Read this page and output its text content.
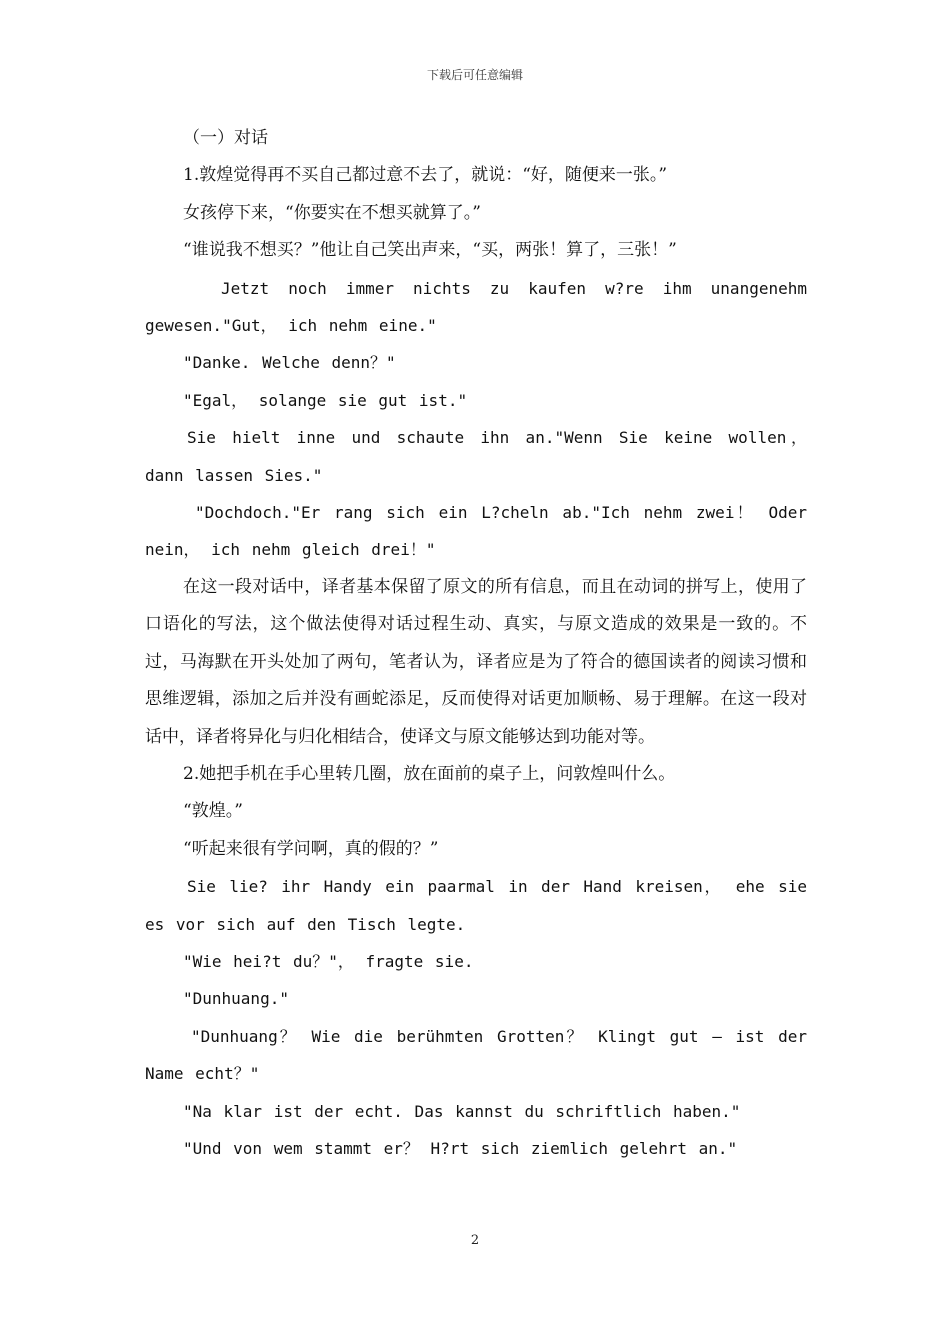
下载后可任意编辑

（一）对话

1.敦煌觉得再不买自己都过意不去了，就说：“好，随便来一张。”

女孩停下来，“你要实在不想买就算了。”

“谁说我不想买？”他让自己笑出声来，“买，两张！算了，三张！”

Jetzt noch immer nichts zu kaufen w?re ihm unangenehm gewesen."Gut， ich nehm eine."

"Danke. Welche denn？"

"Egal， solange sie gut ist."

Sie hielt inne und schaute ihn an."Wenn Sie keine wollen， dann lassen Sies."

"Dochdoch."Er rang sich ein L?cheln ab."Ich nehm zwei！ Oder nein， ich nehm gleich drei！"

在这一段对话中，译者基本保留了原文的所有信息，而且在动词的拼写上，使用了口语化的写法，这个做法使得对话过程生动、真实，与原文造成的效果是一致的。不过，马海默在开头处加了两句，笔者认为，译者应是为了符合的德国读者的阅读习惯和思维逻辑，添加之后并没有画蛇添足，反而使得对话更加顺畅、易于理解。在这一段对话中，译者将异化与归化相结合，使译文与原文能够达到功能对等。

2.她把手机在手心里转几圈，放在面前的桌子上，问敦煌叫什么。

“敦煌。”

“听起来很有学问啊，真的假的？”

Sie lie? ihr Handy ein paarmal in der Hand kreisen， ehe sie es vor sich auf den Tisch legte.

"Wie hei?t du？"， fragte sie.

"Dunhuang."

"Dunhuang？ Wie die berühmten Grotten？ Klingt gut – ist der Name echt？"

"Na klar ist der echt. Das kannst du schriftlich haben."

"Und von wem stammt er？ H?rt sich ziemlich gelehrt an."

2
